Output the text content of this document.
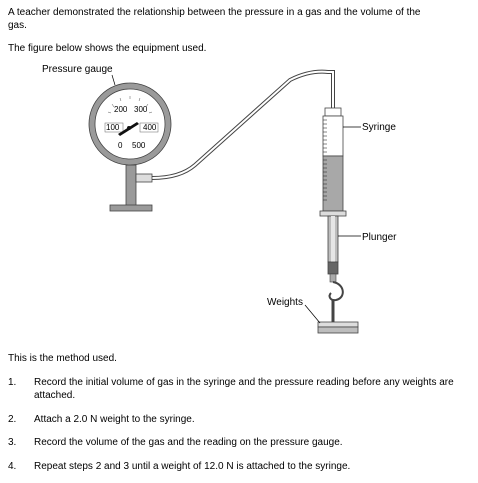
A teacher demonstrated the relationship between the pressure in a gas and the volume of the gas.
The figure below shows the equipment used.
200 300
100	400
0 500
Pressure gauge
Syringe
Plunger
Weights
This is the method used.
1. Record the initial volume of gas in the syringe and the pressure reading before any weights are attached.
2. Attach a 2.0 N weight to the syringe.
3. Record the volume of the gas and the reading on the pressure gauge.
4. Repeat steps 2 and 3 until a weight of 12.0 N is attached to the syringe.
